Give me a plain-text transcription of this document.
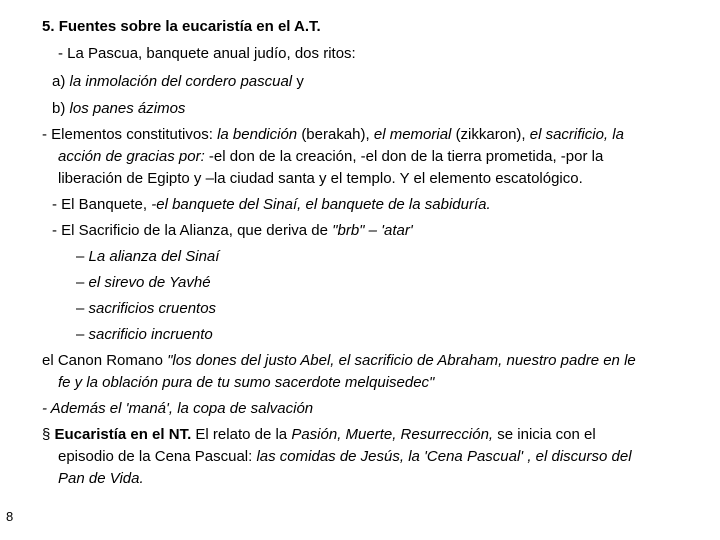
5. Fuentes sobre la eucaristía en el A.T.
- La Pascua, banquete anual judío, dos ritos:
a) la inmolación del cordero pascual y
b) los panes ázimos
- Elementos constitutivos: la bendición (berakah), el memorial (zikkaron), el sacrificio, la
acción de gracias por: -el don de la creación, -el don de la tierra prometida, -por la
liberación de Egipto y –la ciudad santa y el templo. Y el elemento escatológico.
- El Banquete, -el banquete del Sinaí, el banquete de la sabiduría.
- El Sacrificio de la Alianza, que deriva de "brb" – 'atar'
– La alianza del Sinaí
– el sirevo de Yavhé
– sacrificios cruentos
– sacrificio incruento
el Canon Romano "los dones del justo Abel, el sacrificio de Abraham, nuestro padre en le
fe y la oblación pura de tu sumo sacerdote melquisedec"
- Además el 'maná', la copa de salvación
§ Eucaristía en el NT. El relato de la Pasión, Muerte, Resurrección, se inicia con el
episodio de la Cena Pascual: las comidas de Jesús, la 'Cena Pascual' , el discurso del
Pan de Vida.
8
